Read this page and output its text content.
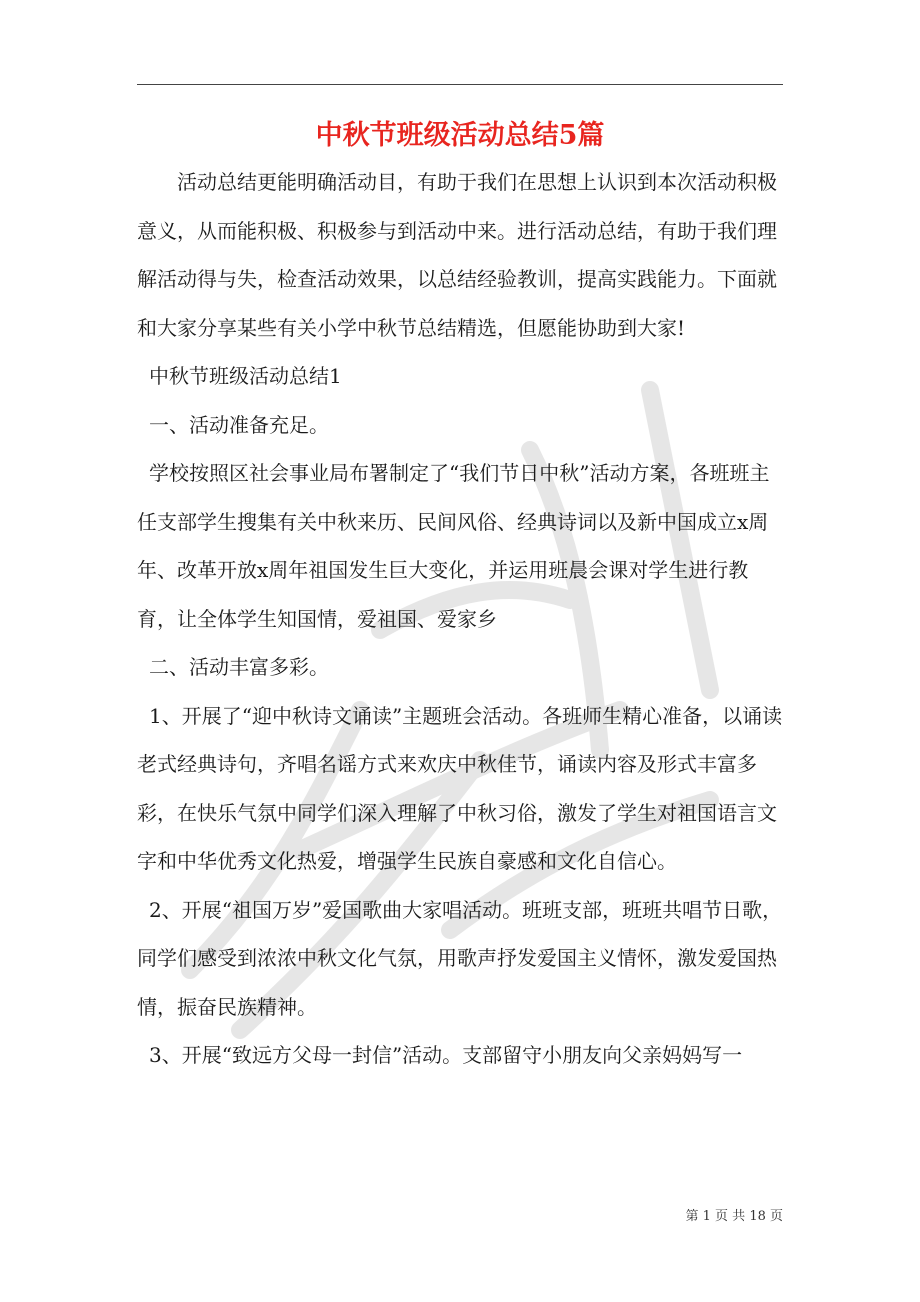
中秋节班级活动总结5篇

活动总结更能明确活动目，有助于我们在思想上认识到本次活动积极意义，从而能积极、积极参与到活动中来。进行活动总结，有助于我们理解活动得与失，检查活动效果，以总结经验教训，提高实践能力。下面就和大家分享某些有关小学中秋节总结精选，但愿能协助到大家!

中秋节班级活动总结1

一、活动准备充足。

学校按照区社会事业局布署制定了“我们节日中秋”活动方案，各班班主任支部学生搜集有关中秋来历、民间风俗、经典诗词以及新中国成立x周年、改革开放x周年祖国发生巨大变化，并运用班晨会课对学生进行教育，让全体学生知国情，爱祖国、爱家乡

二、活动丰富多彩。

1、开展了“迎中秋诗文诵读”主题班会活动。各班师生精心准备，以诵读老式经典诗句，齐唱名谣方式来欢庆中秋佳节，诵读内容及形式丰富多彩，在快乐气氛中同学们深入理解了中秋习俗，激发了学生对祖国语言文字和中华优秀文化热爱，增强学生民族自豪感和文化自信心。

2、开展“祖国万岁”爱国歌曲大家唱活动。班班支部，班班共唱节日歌，同学们感受到浓浓中秋文化气氛，用歌声抒发爱国主义情怀，激发爱国热情，振奋民族精神。

3、开展“致远方父母一封信”活动。支部留守小朋友向父亲妈妈写一

第 1 页 共 18 页
